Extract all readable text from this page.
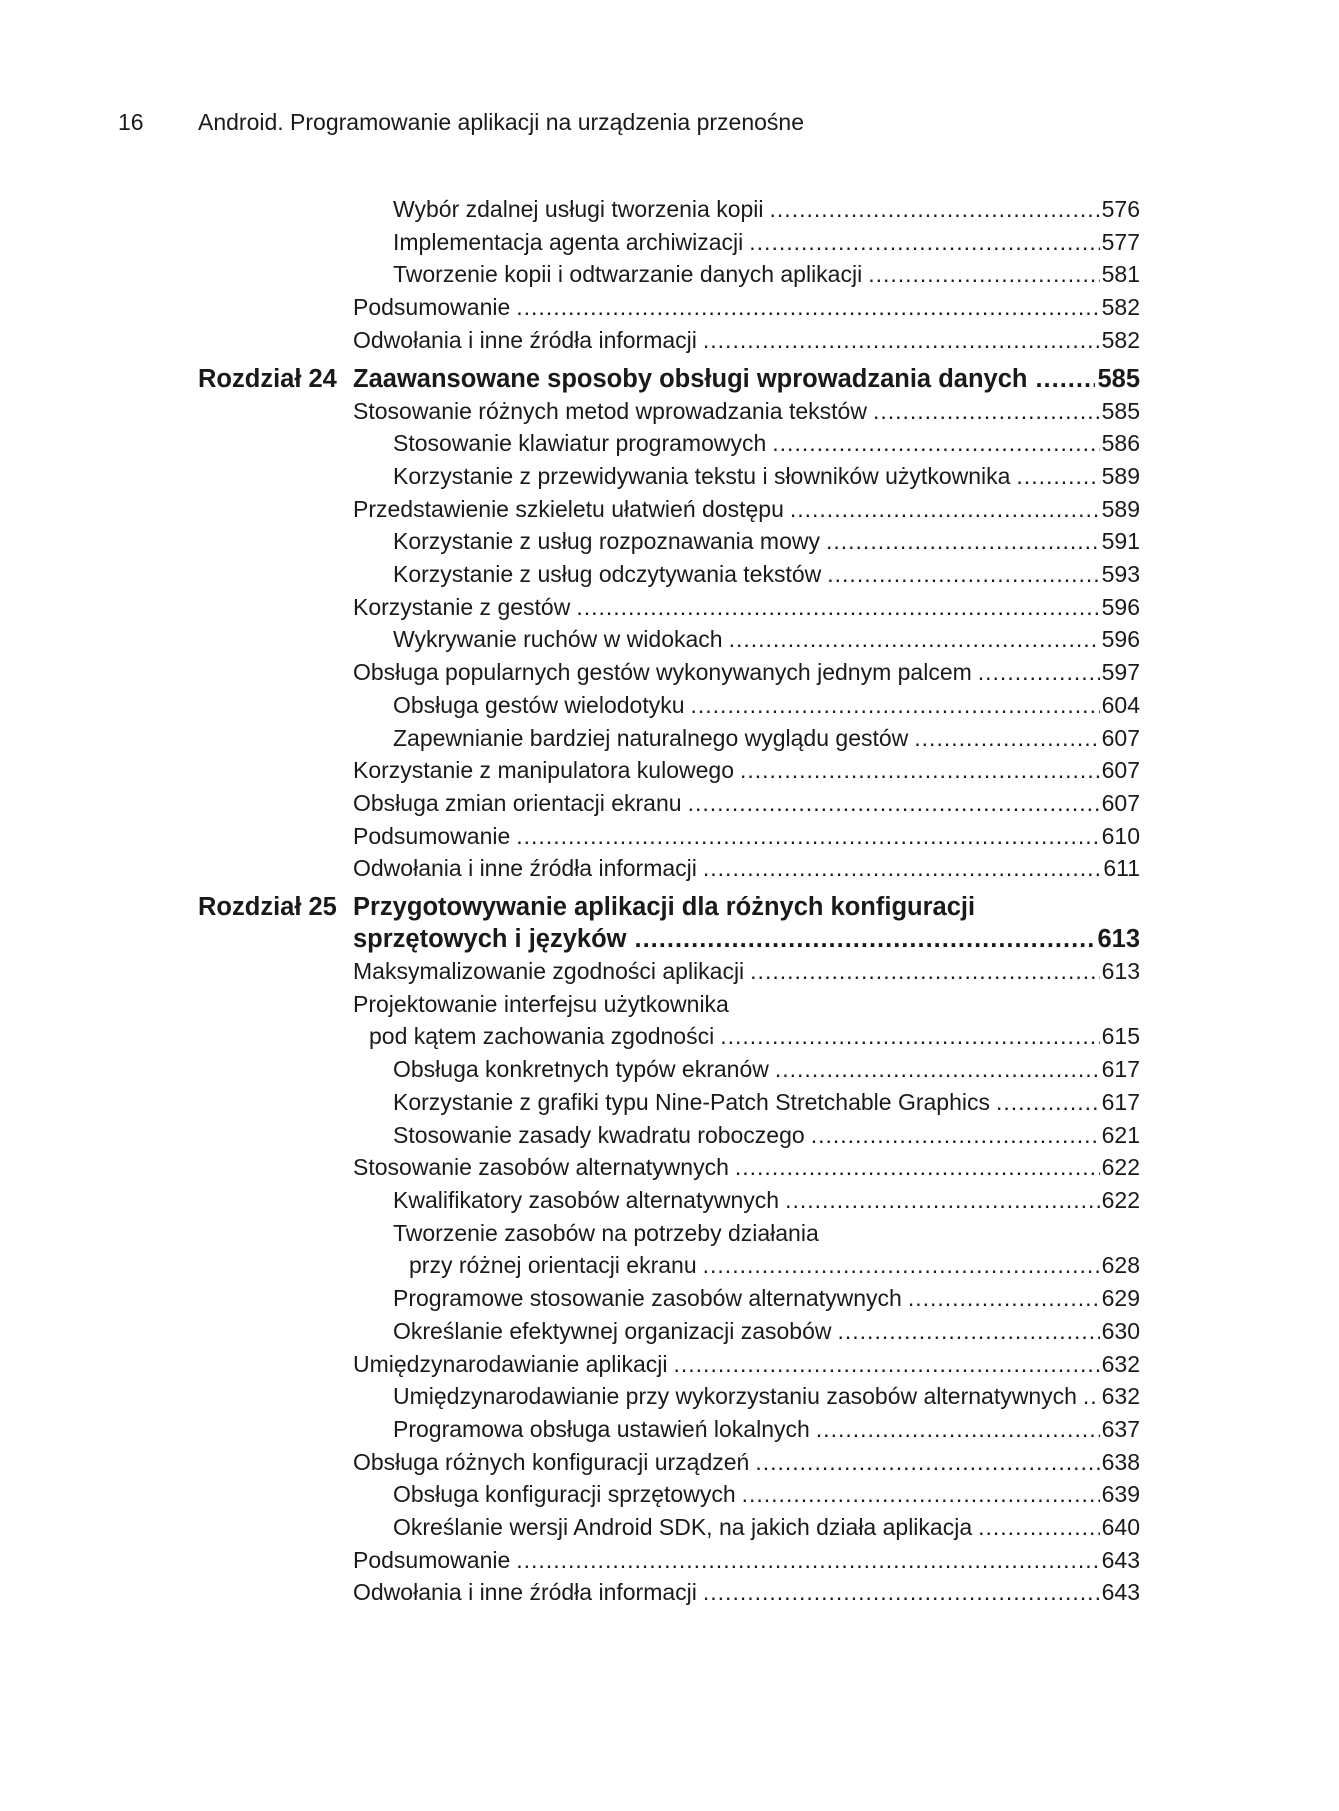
16 Android. Programowanie aplikacji na urządzenia przenośne
Wybór zdalnej usługi tworzenia kopii .....	576
Implementacja agenta archiwizacji .....	577
Tworzenie kopii i odtwarzanie danych aplikacji .....	581
Podsumowanie .....	582
Odwołania i inne źródła informacji .....	582
Rozdział 24 Zaawansowane sposoby obsługi wprowadzania danych .....	585
Stosowanie różnych metod wprowadzania tekstów .....	585
Stosowanie klawiatur programowych .....	586
Korzystanie z przewidywania tekstu i słowników użytkownika .....	589
Przedstawienie szkieletu ułatwień dostępu .....	589
Korzystanie z usług rozpoznawania mowy .....	591
Korzystanie z usług odczytywania tekstów .....	593
Korzystanie z gestów .....	596
Wykrywanie ruchów w widokach .....	596
Obsługa popularnych gestów wykonywanych jednym palcem .....	597
Obsługa gestów wielodotyku .....	604
Zapewnianie bardziej naturalnego wyglądu gestów .....	607
Korzystanie z manipulatora kulowego .....	607
Obsługa zmian orientacji ekranu .....	607
Podsumowanie .....	610
Odwołania i inne źródła informacji .....	611
Rozdział 25 Przygotowywanie aplikacji dla różnych konfiguracji
sprzętowych i języków .....	613
Maksymalizowanie zgodności aplikacji .....	613
Projektowanie interfejsu użytkownika
pod kątem zachowania zgodności .....	615
Obsługa konkretnych typów ekranów .....	617
Korzystanie z grafiki typu Nine-Patch Stretchable Graphics .....	617
Stosowanie zasady kwadratu roboczego .....	621
Stosowanie zasobów alternatywnych .....	622
Kwalifikatory zasobów alternatywnych .....	622
Tworzenie zasobów na potrzeby działania
przy różnej orientacji ekranu .....	628
Programowe stosowanie zasobów alternatywnych .....	629
Określanie efektywnej organizacji zasobów .....	630
Umiędzynarodawianie aplikacji .....	632
Umiędzynarodawianie przy wykorzystaniu zasobów alternatywnych ..... 632
Programowa obsługa ustawień lokalnych .....	637
Obsługa różnych konfiguracji urządzeń .....	638
Obsługa konfiguracji sprzętowych .....	639
Określanie wersji Android SDK, na jakich działa aplikacja .....	640
Podsumowanie .....	643
Odwołania i inne źródła informacji .....	643
